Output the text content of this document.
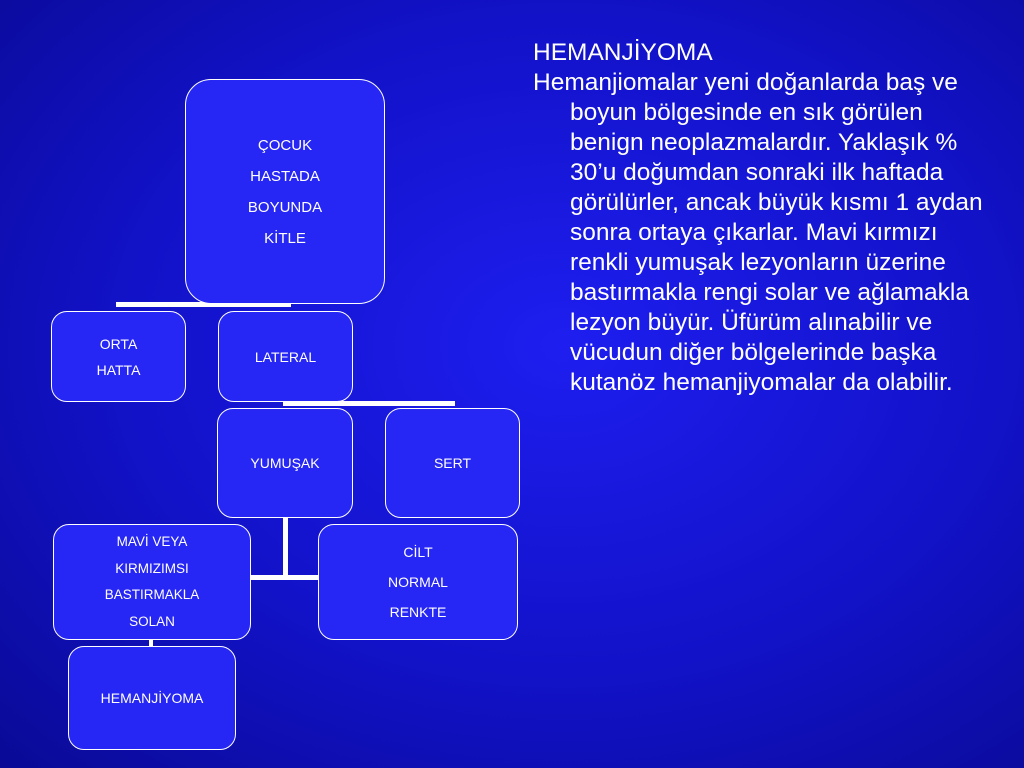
ÇOCUK
HASTADA
BOYUNDA
KİTLE
ORTA
HATTA
LATERAL
YUMUŞAK	SERT
MAVİ VEYA
KIRMIZIMSI
BASTIRMAKLA
SOLAN
CİLT
NORMAL
RENKTE
HEMANJİYOMA

HEMANJİYOMA

Hemanjiomalar yeni doğanlarda baş ve boyun bölgesinde en sık görülen benign neoplazmalardır. Yaklaşık % 30’u doğumdan sonraki ilk haftada görülürler, ancak büyük kısmı 1 aydan sonra ortaya çıkarlar. Mavi kırmızı renkli yumuşak lezyonların üzerine bastırmakla rengi solar ve ağlamakla lezyon büyür. Üfürüm alınabilir ve vücudun diğer bölgelerinde başka kutanöz hemanjiyomalar da olabilir.
